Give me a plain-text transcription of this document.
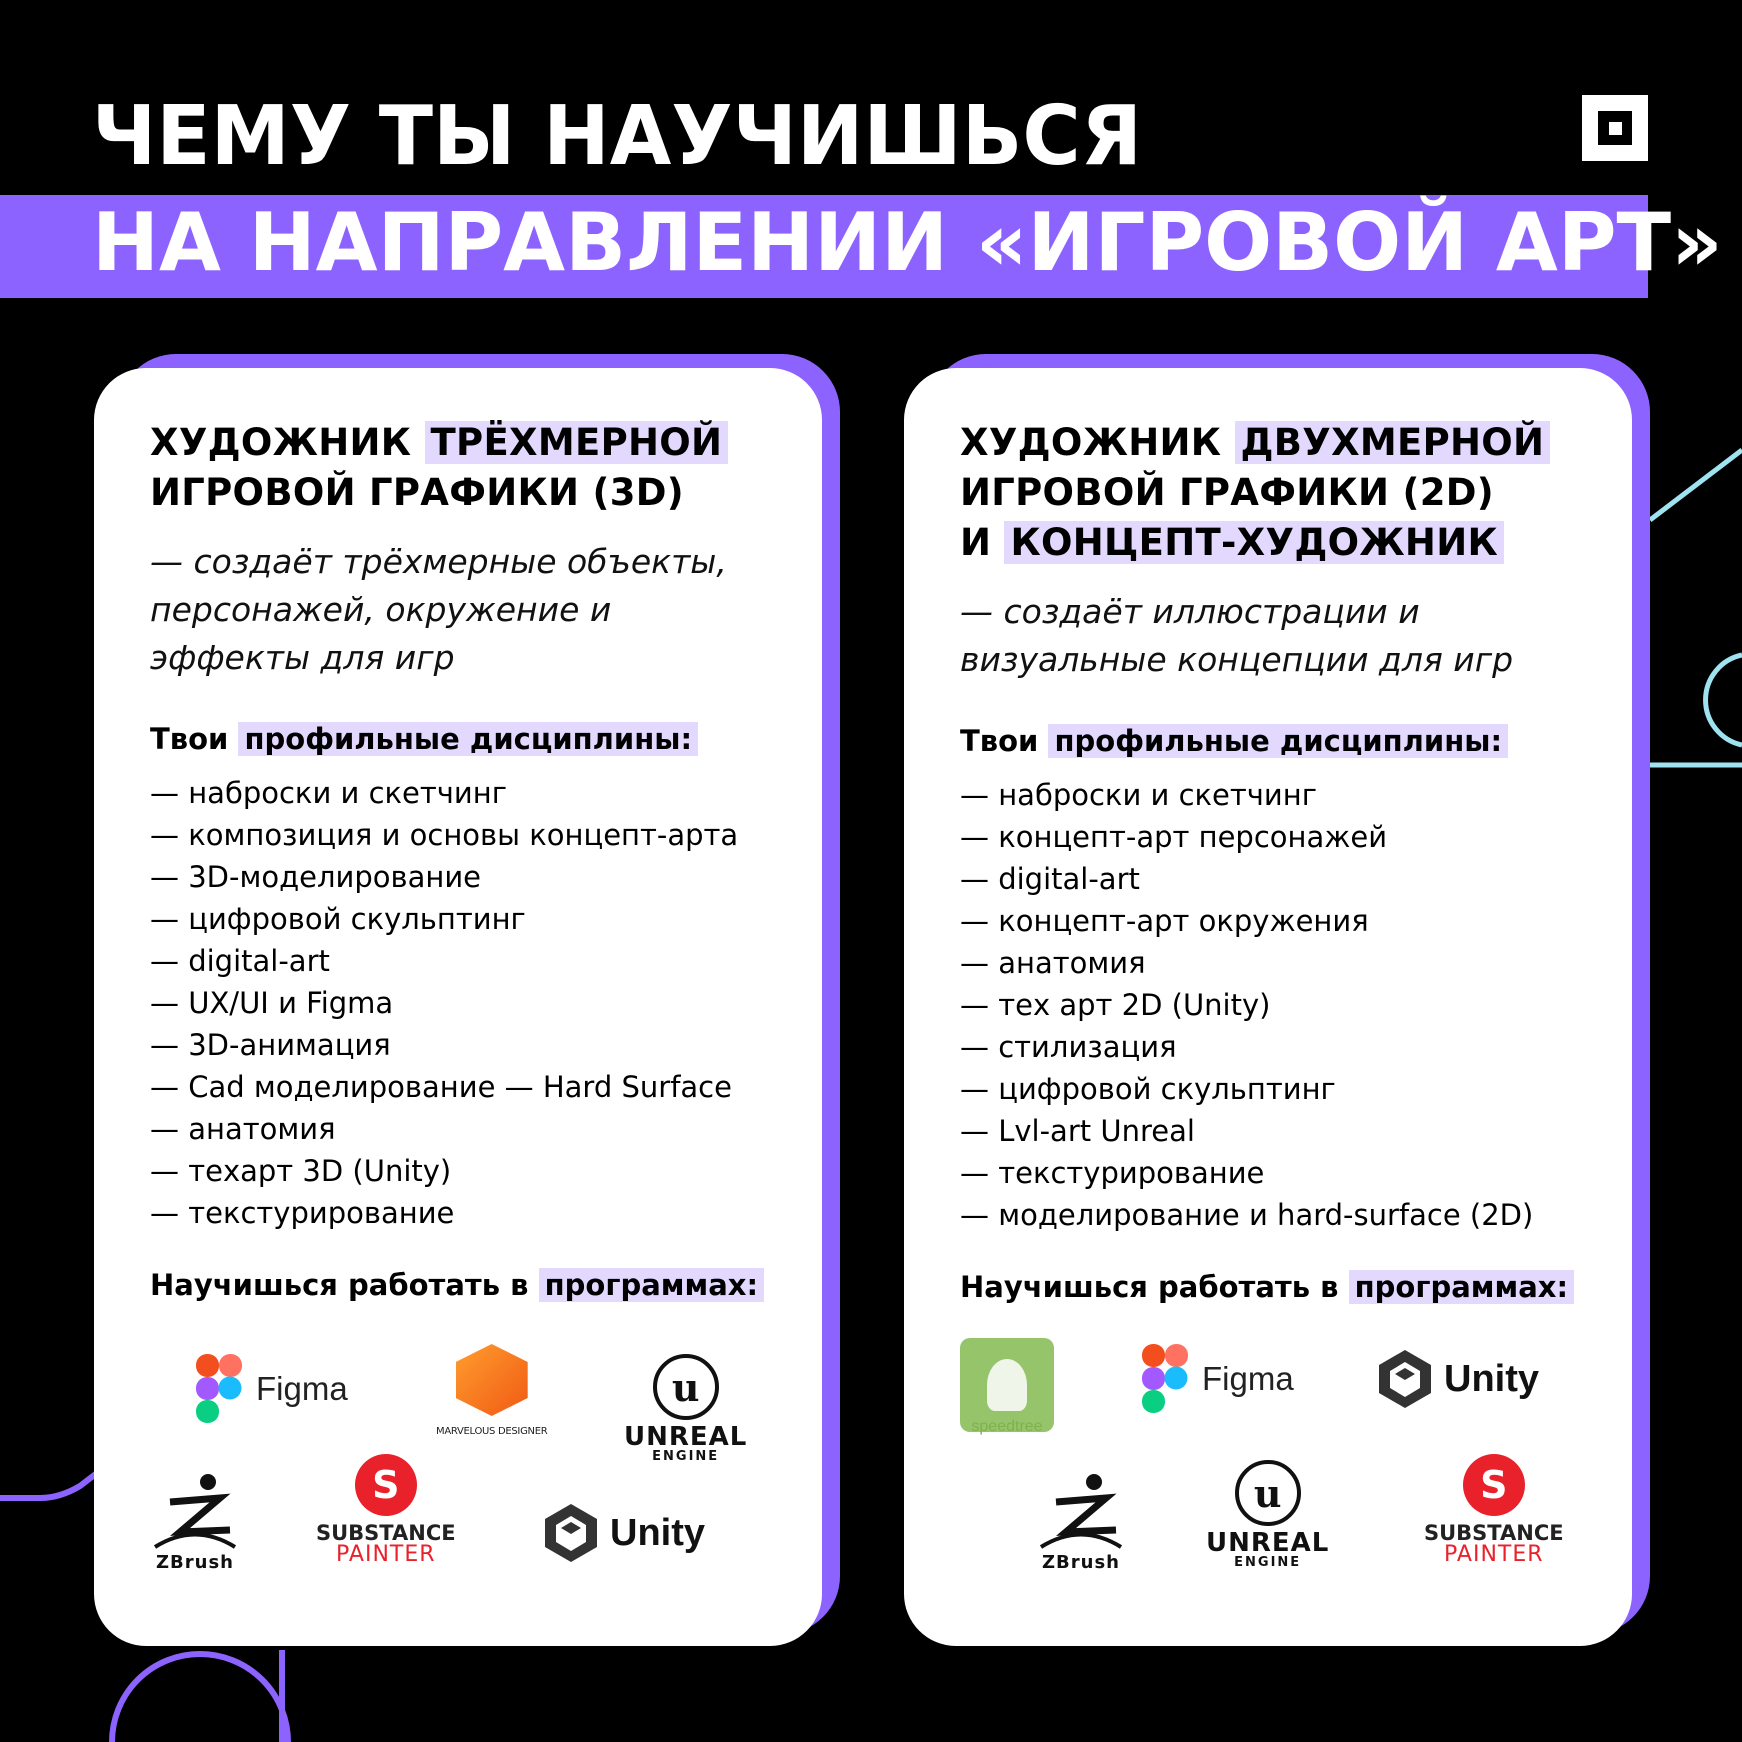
ЧЕМУ ТЫ НАУЧИШЬСЯ
НА НАПРАВЛЕНИИ «ИГРОВОЙ АРТ»
ХУДОЖНИК ТРЁХМЕРНОЙ
ИГРОВОЙ ГРАФИКИ (3D)

— создаёт трёхмерные объекты, персонажей, окружение и эффекты для игр

Твои профильные дисциплины:
— наброски и скетчинг
— композиция и основы концепт-арта
— 3D-моделирование
— цифровой скульптинг
— digital-art
— UX/UI и Figma
— 3D-анимация
— Cad моделирование — Hard Surface
— анатомия
— техарт 3D (Unity)
— текстурирование
Научишься работать в программах:
ХУДОЖНИК ДВУХМЕРНОЙ
ИГРОВОЙ ГРАФИКИ (2D)
И КОНЦЕПТ-ХУДОЖНИК

— создаёт иллюстрации и визуальные концепции для игр

Твои профильные дисциплины:
— наброски и скетчинг
— концепт-арт персонажей
— digital-art
— концепт-арт окружения
— анатомия
— тех арт 2D (Unity)
— стилизация
— цифровой скульптинг
— Lvl-art Unreal
— текстурирование
— моделирование и hard-surface (2D)
Научишься работать в программах:
Figma
MARVELOUS DESIGNER
u
UNREAL
ENGINE
ZBrush
S
SUBSTANCE
PAINTER
Unity
speedtree
Figma	Unity
ZBrush
u
UNREAL
ENGINE
S
SUBSTANCE
PAINTER
